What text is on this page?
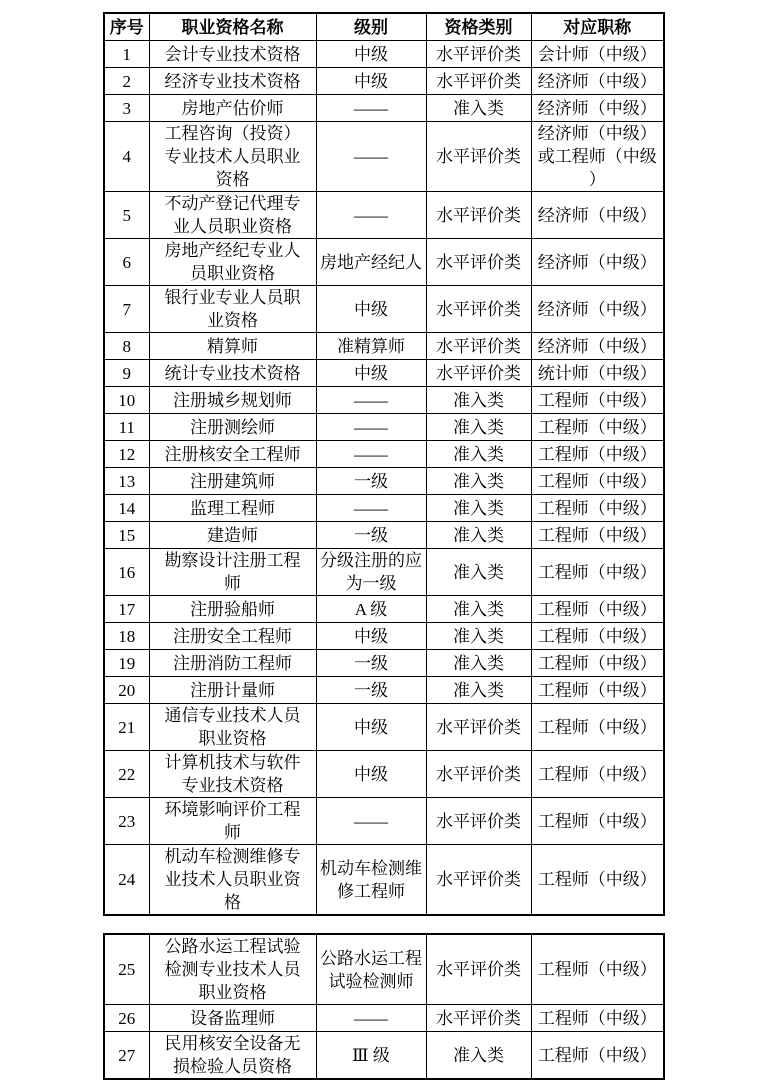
序号	职业资格名称	级别	资格类别	对应职称
1	会计专业技术资格	中级	水平评价类	会计师（中级）
2	经济专业技术资格	中级	水平评价类	经济师（中级）
3	房地产估价师	——	准入类	经济师（中级）
4	工程咨询（投资）专业技术人员职业资格	——	水平评价类	经济师（中级）或工程师（中级）
5	不动产登记代理专业人员职业资格	——	水平评价类	经济师（中级）
6	房地产经纪专业人员职业资格	房地产经纪人	水平评价类	经济师（中级）
7	银行业专业人员职业资格	中级	水平评价类	经济师（中级）
8	精算师	准精算师	水平评价类	经济师（中级）
9	统计专业技术资格	中级	水平评价类	统计师（中级）
10	注册城乡规划师	——	准入类	工程师（中级）
11	注册测绘师	——	准入类	工程师（中级）
12	注册核安全工程师	——	准入类	工程师（中级）
13	注册建筑师	一级	准入类	工程师（中级）
14	监理工程师	——	准入类	工程师（中级）
15	建造师	一级	准入类	工程师（中级）
16	勘察设计注册工程师	分级注册的应为一级	准入类	工程师（中级）
17	注册验船师	A 级	准入类	工程师（中级）
18	注册安全工程师	中级	准入类	工程师（中级）
19	注册消防工程师	一级	准入类	工程师（中级）
20	注册计量师	一级	准入类	工程师（中级）
21	通信专业技术人员职业资格	中级	水平评价类	工程师（中级）
22	计算机技术与软件专业技术资格	中级	水平评价类	工程师（中级）
23	环境影响评价工程师	——	水平评价类	工程师（中级）
24	机动车检测维修专业技术人员职业资格	机动车检测维修工程师	水平评价类	工程师（中级）
25	公路水运工程试验检测专业技术人员职业资格	公路水运工程试验检测师	水平评价类	工程师（中级）
26	设备监理师	——	水平评价类	工程师（中级）
27	民用核安全设备无损检验人员资格	Ⅲ 级	准入类	工程师（中级）
